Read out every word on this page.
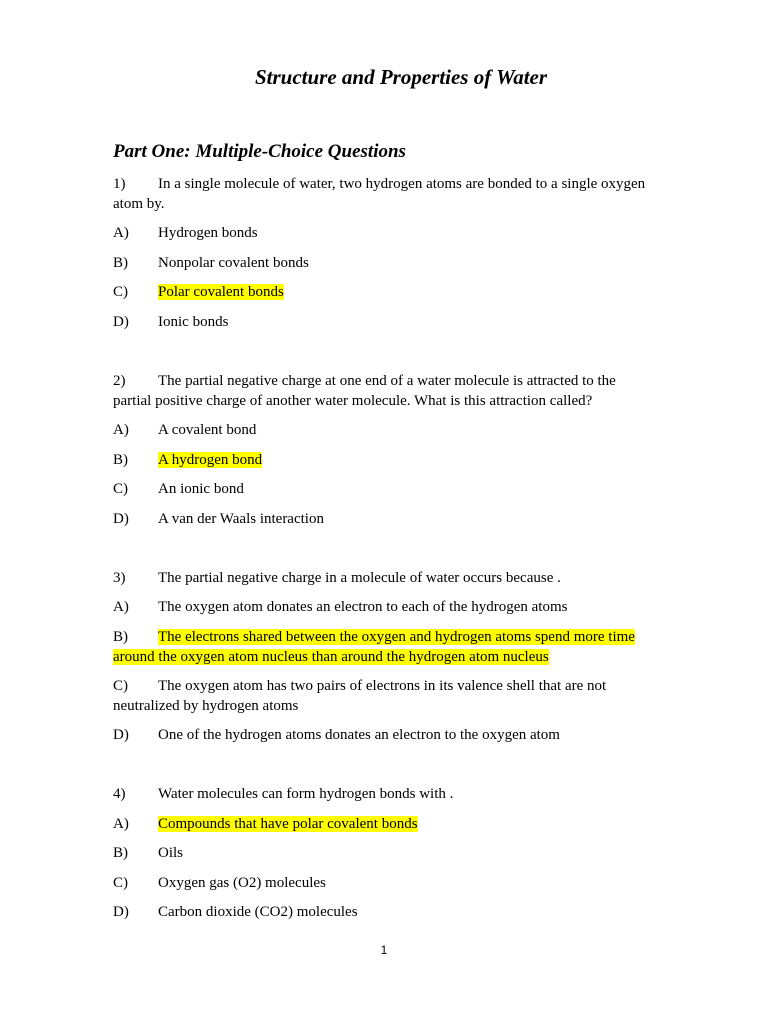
Structure and Properties of Water
Part One: Multiple-Choice Questions
1) In a single molecule of water, two hydrogen atoms are bonded to a single oxygen
atom by.
A) Hydrogen bonds
B) Nonpolar covalent bonds
C) Polar covalent bonds
D) Ionic bonds
2) The partial negative charge at one end of a water molecule is attracted to the
partial positive charge of another water molecule. What is this attraction called?
A) A covalent bond
B) A hydrogen bond
C) An ionic bond
D) A van der Waals interaction
3) The partial negative charge in a molecule of water occurs because .
A) The oxygen atom donates an electron to each of the hydrogen atoms
B) The electrons shared between the oxygen and hydrogen atoms spend more time
around the oxygen atom nucleus than around the hydrogen atom nucleus
C) The oxygen atom has two pairs of electrons in its valence shell that are not
neutralized by hydrogen atoms
D) One of the hydrogen atoms donates an electron to the oxygen atom
4) Water molecules can form hydrogen bonds with .
A) Compounds that have polar covalent bonds
B) Oils
C) Oxygen gas (O2) molecules
D) Carbon dioxide (CO2) molecules
1
